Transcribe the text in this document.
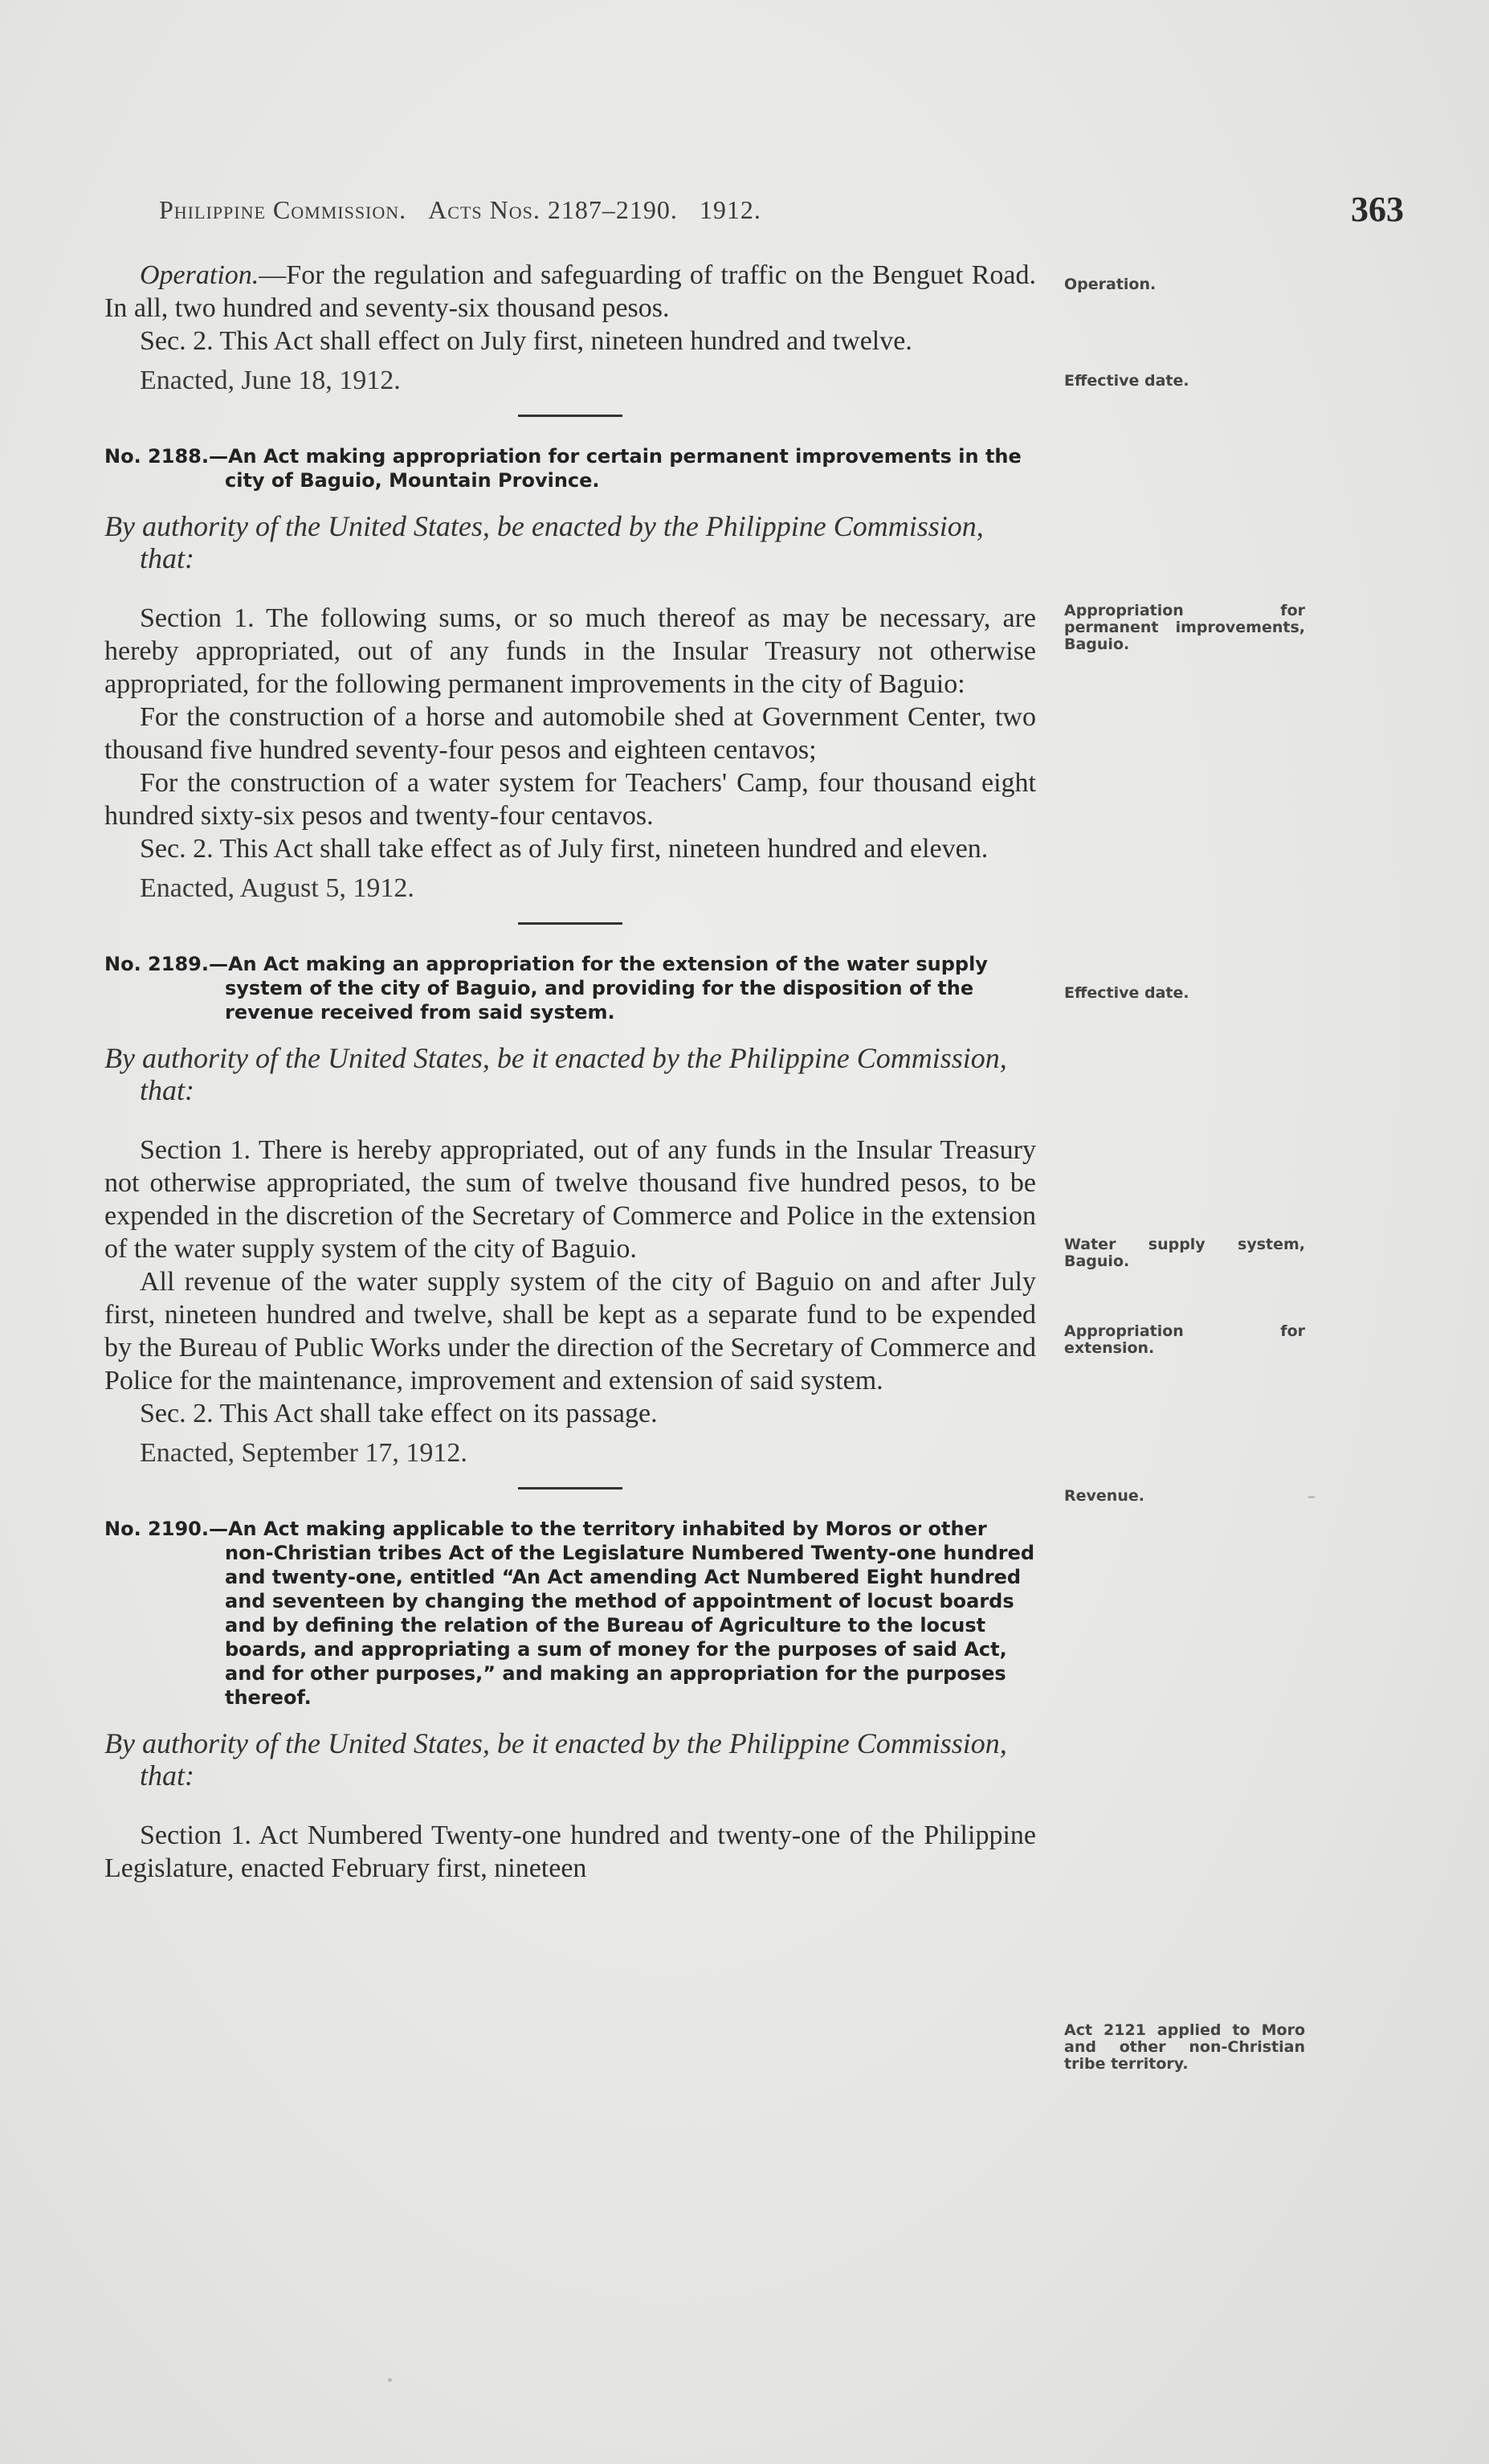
Philippine Commission. Acts Nos. 2187–2190. 1912.	363

Operation.—For the regulation and safeguarding of traffic on the Benguet Road. In all, two hundred and seventy-six thousand pesos.

Sec. 2. This Act shall effect on July first, nineteen hundred and twelve.

Enacted, June 18, 1912.
No. 2188.—An Act making appropriation for certain permanent improvements in the city of Baguio, Mountain Province.
By authority of the United States, be enacted by the Philippine Commission, that:

Section 1. The following sums, or so much thereof as may be necessary, are hereby appropriated, out of any funds in the Insular Treasury not otherwise appropriated, for the following permanent improvements in the city of Baguio:

For the construction of a horse and automobile shed at Government Center, two thousand five hundred seventy-four pesos and eighteen centavos;

For the construction of a water system for Teachers' Camp, four thousand eight hundred sixty-six pesos and twenty-four centavos.

Sec. 2. This Act shall take effect as of July first, nineteen hundred and eleven.

Enacted, August 5, 1912.
No. 2189.—An Act making an appropriation for the extension of the water supply system of the city of Baguio, and providing for the disposition of the revenue received from said system.
By authority of the United States, be it enacted by the Philippine Commission, that:

Section 1. There is hereby appropriated, out of any funds in the Insular Treasury not otherwise appropriated, the sum of twelve thousand five hundred pesos, to be expended in the discretion of the Secretary of Commerce and Police in the extension of the water supply system of the city of Baguio.

All revenue of the water supply system of the city of Baguio on and after July first, nineteen hundred and twelve, shall be kept as a separate fund to be expended by the Bureau of Public Works under the direction of the Secretary of Commerce and Police for the maintenance, improvement and extension of said system.

Sec. 2. This Act shall take effect on its passage.

Enacted, September 17, 1912.
No. 2190.—An Act making applicable to the territory inhabited by Moros or other non-Christian tribes Act of the Legislature Numbered Twenty-one hundred and twenty-one, entitled “An Act amending Act Numbered Eight hundred and seventeen by changing the method of appointment of locust boards and by defining the relation of the Bureau of Agriculture to the locust boards, and appropriating a sum of money for the purposes of said Act, and for other purposes,” and making an appropriation for the purposes thereof.
By authority of the United States, be it enacted by the Philippine Commission, that:

Section 1. Act Numbered Twenty-one hundred and twenty-one of the Philippine Legislature, enacted February first, nineteen

Operation.
Effective date.
Appropriation for permanent improvements, Baguio.
Effective date.
Water supply system, Baguio.
Appropriation for extension.
Revenue.
Act 2121 applied to Moro and other non-Christian tribe territory.
